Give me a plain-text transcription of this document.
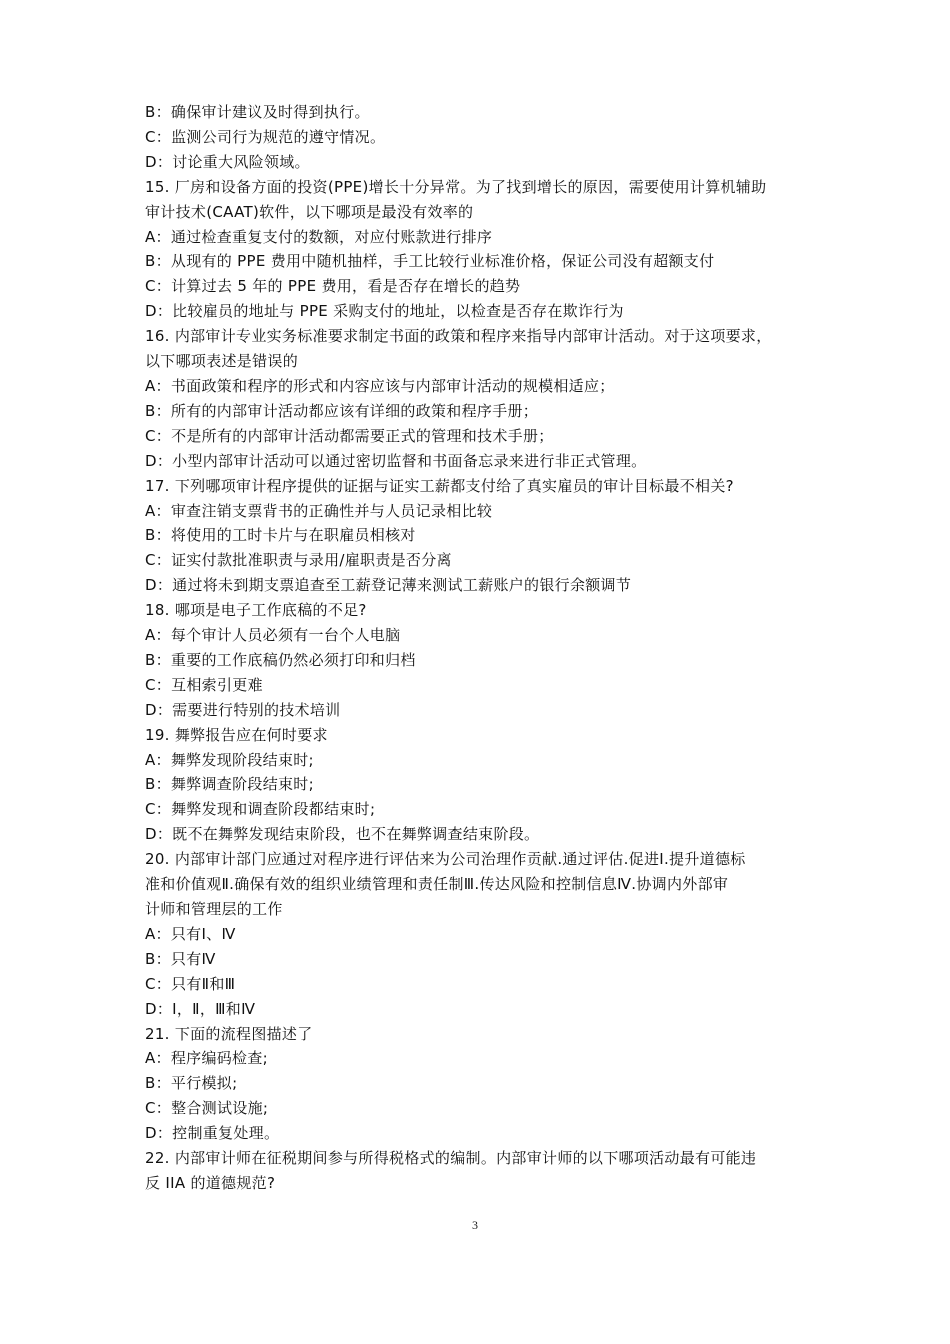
B：确保审计建议及时得到执行。
C：监测公司行为规范的遵守情况。
D：讨论重大风险领域。
15. 厂房和设备方面的投资(PPE)增长十分异常。为了找到增长的原因，需要使用计算机辅助
审计技术(CAAT)软件，以下哪项是最没有效率的
A：通过检查重复支付的数额，对应付账款进行排序
B：从现有的 PPE 费用中随机抽样，手工比较行业标准价格，保证公司没有超额支付
C：计算过去 5 年的 PPE 费用，看是否存在增长的趋势
D：比较雇员的地址与 PPE 采购支付的地址，以检查是否存在欺诈行为
16. 内部审计专业实务标准要求制定书面的政策和程序来指导内部审计活动。对于这项要求，
以下哪项表述是错误的
A：书面政策和程序的形式和内容应该与内部审计活动的规模相适应；
B：所有的内部审计活动都应该有详细的政策和程序手册；
C：不是所有的内部审计活动都需要正式的管理和技术手册；
D：小型内部审计活动可以通过密切监督和书面备忘录来进行非正式管理。
17. 下列哪项审计程序提供的证据与证实工薪都支付给了真实雇员的审计目标最不相关?
A：审查注销支票背书的正确性并与人员记录相比较
B：将使用的工时卡片与在职雇员相核对
C：证实付款批准职责与录用/雇职责是否分离
D：通过将未到期支票追查至工薪登记薄来测试工薪账户的银行余额调节
18. 哪项是电子工作底稿的不足?
A：每个审计人员必须有一台个人电脑
B：重要的工作底稿仍然必须打印和归档
C：互相索引更难
D：需要进行特别的技术培训
19. 舞弊报告应在何时要求
A：舞弊发现阶段结束时;
B：舞弊调查阶段结束时;
C：舞弊发现和调查阶段都结束时;
D：既不在舞弊发现结束阶段，也不在舞弊调查结束阶段。
20. 内部审计部门应通过对程序进行评估来为公司治理作贡献.通过评估.促进Ⅰ.提升道德标
准和价值观Ⅱ.确保有效的组织业绩管理和责任制Ⅲ.传达风险和控制信息Ⅳ.协调内外部审
计师和管理层的工作
A：只有Ⅰ、Ⅳ
B：只有Ⅳ
C：只有Ⅱ和Ⅲ
D：Ⅰ，Ⅱ，Ⅲ和Ⅳ
21. 下面的流程图描述了
A：程序编码检查;
B：平行模拟;
C：整合测试设施;
D：控制重复处理。
22. 内部审计师在征税期间参与所得税格式的编制。内部审计师的以下哪项活动最有可能违
反 IIA 的道德规范?
3
